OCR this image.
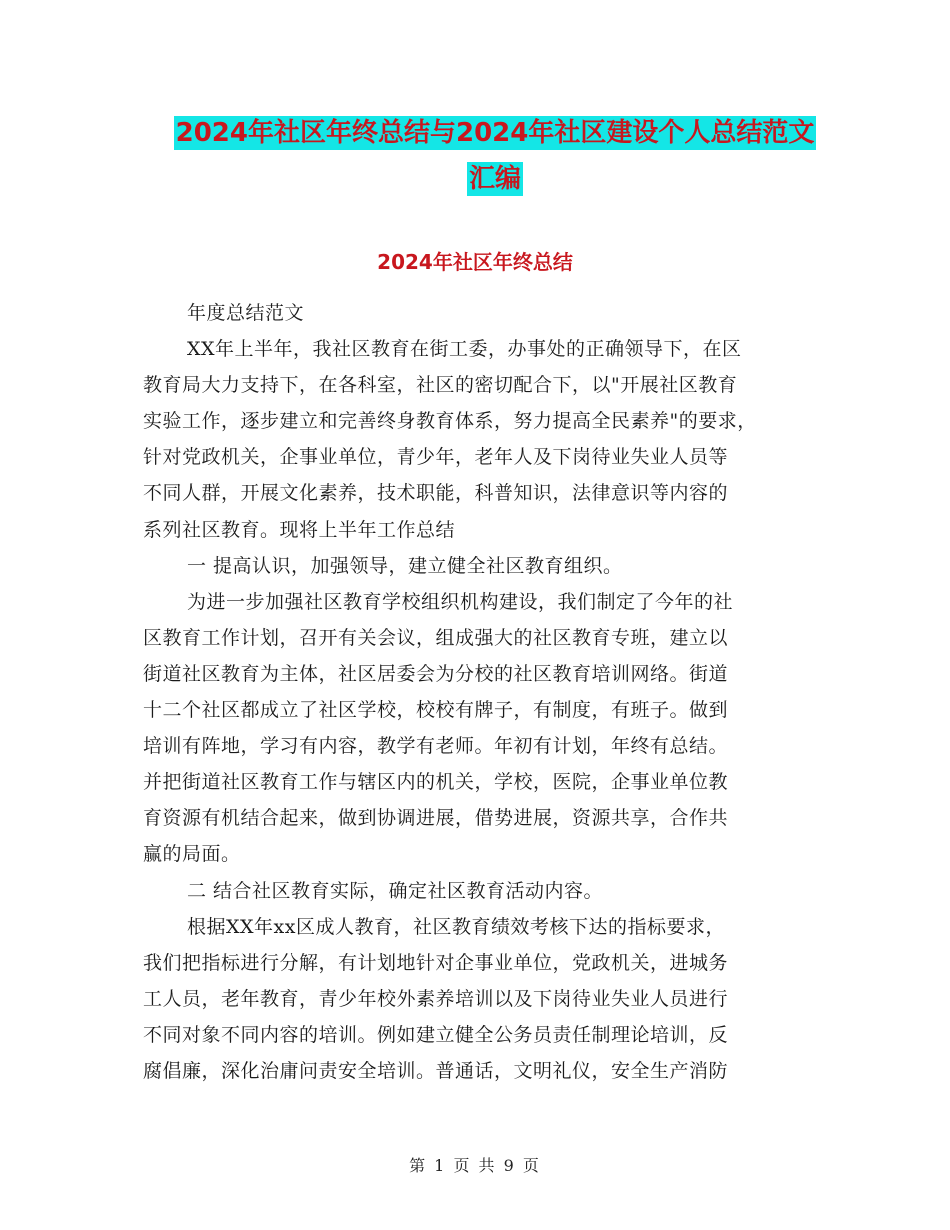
2024年社区年终总结与2024年社区建设个人总结范文
汇编
2024年社区年终总结
年度总结范文
XX年上半年，我社区教育在街工委，办事处的正确领导下，在区
教育局大力支持下，在各科室，社区的密切配合下，以"开展社区教育
实验工作，逐步建立和完善终身教育体系，努力提高全民素养"的要求，
针对党政机关，企事业单位，青少年，老年人及下岗待业失业人员等
不同人群，开展文化素养，技术职能，科普知识，法律意识等内容的
系列社区教育。现将上半年工作总结
一 提高认识，加强领导，建立健全社区教育组织。
为进一步加强社区教育学校组织机构建设，我们制定了今年的社
区教育工作计划，召开有关会议，组成强大的社区教育专班，建立以
街道社区教育为主体，社区居委会为分校的社区教育培训网络。街道
十二个社区都成立了社区学校，校校有牌子，有制度，有班子。做到
培训有阵地，学习有内容，教学有老师。年初有计划，年终有总结。
并把街道社区教育工作与辖区内的机关，学校，医院，企事业单位教
育资源有机结合起来，做到协调进展，借势进展，资源共享，合作共
赢的局面。
二 结合社区教育实际，确定社区教育活动内容。
根据XX年xx区成人教育，社区教育绩效考核下达的指标要求，
我们把指标进行分解，有计划地针对企事业单位，党政机关，进城务
工人员，老年教育，青少年校外素养培训以及下岗待业失业人员进行
不同对象不同内容的培训。例如建立健全公务员责任制理论培训，反
腐倡廉，深化治庸问责安全培训。普通话，文明礼仪，安全生产消防
第 1 页 共 9 页
